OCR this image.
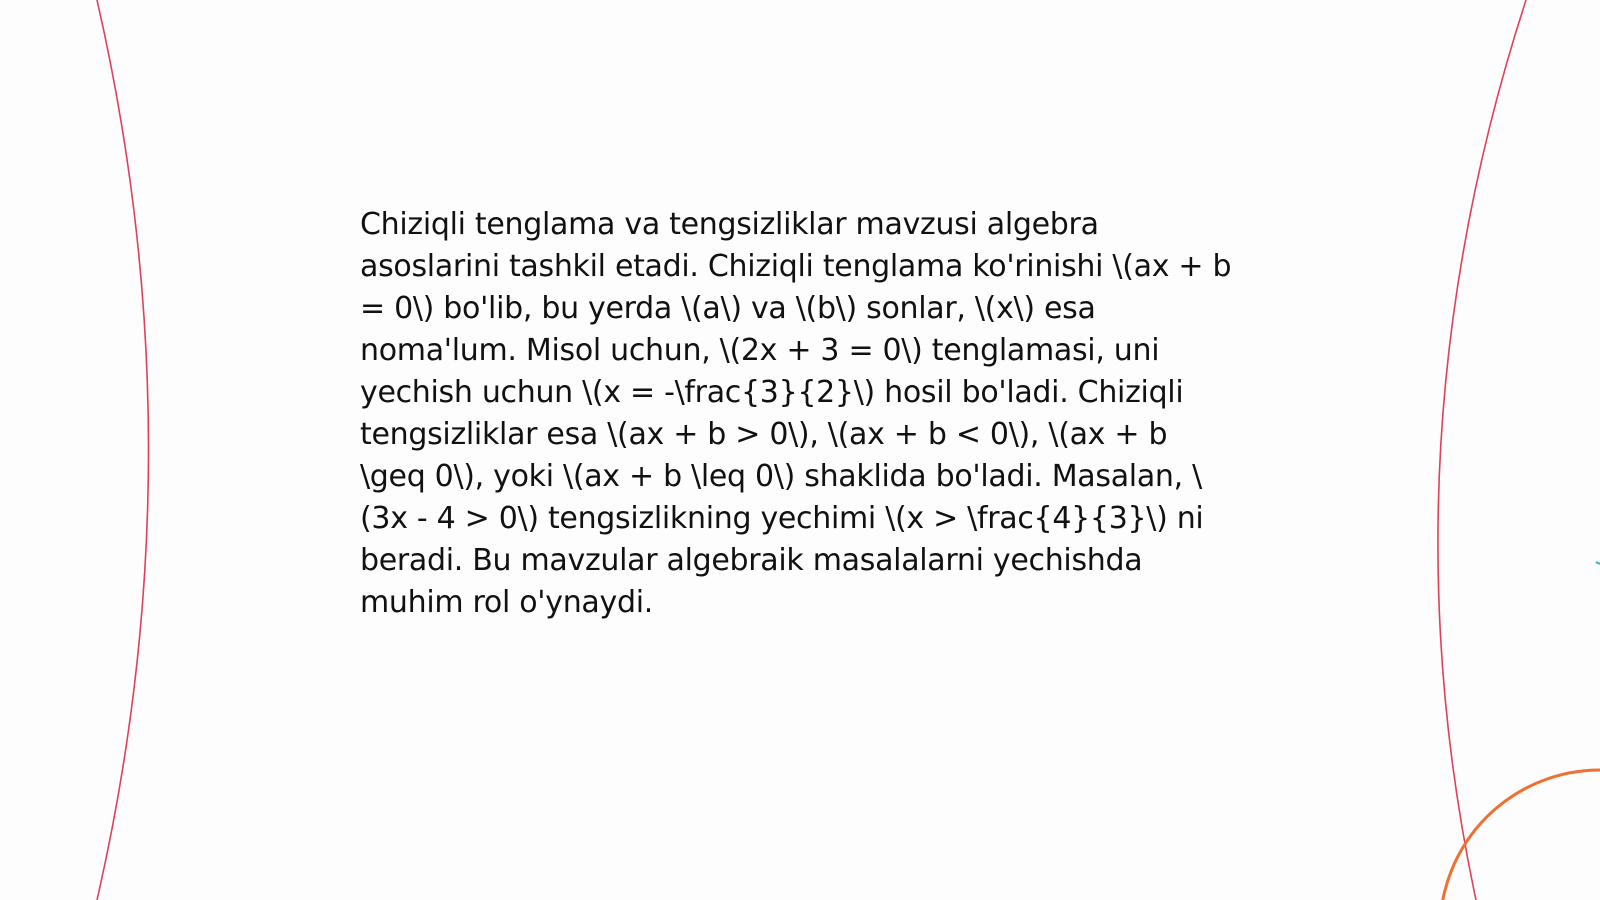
Chiziqli tenglama va tengsizliklar mavzusi algebra asoslarini tashkil etadi. Chiziqli tenglama ko'rinishi \(ax + b = 0\) bo'lib, bu yerda \(a\) va \(b\) sonlar, \(x\) esa noma'lum. Misol uchun, \(2x + 3 = 0\) tenglamasi, uni yechish uchun \(x = -\frac{3}{2}\) hosil bo'ladi. Chiziqli tengsizliklar esa \(ax + b > 0\), \(ax + b < 0\), \(ax + b \geq 0\), yoki \(ax + b \leq 0\) shaklida bo'ladi. Masalan, \(3x - 4 > 0\) tengsizlikning yechimi \(x > \frac{4}{3}\) ni beradi. Bu mavzular algebraik masalalarni yechishda muhim rol o'ynaydi.
